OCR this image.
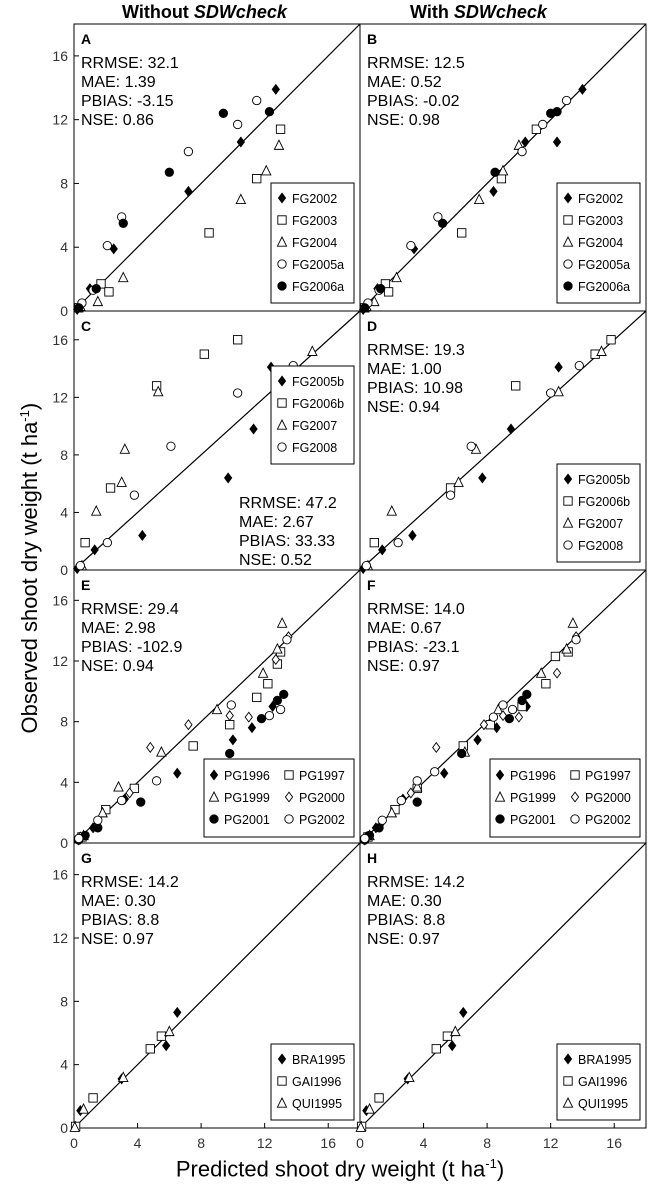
Without SDWcheck	With SDWcheck
Observed shoot dry weight (t $ha^{-1}$)
Predicted shoot dry weight (t $ha^{-1}$)
A
0
4
8
12
16 RRMSE: 32.1
MAE: 1.39
PBIAS: -3.15
NSE: 0.86
FG2002
FG2003
FG2004
FG2005a
FG2006a
B
RRMSE: 12.5
MAE: 0.52
PBIAS: -0.02
NSE: 0.98
FG2002
FG2003
FG2004
FG2005a
FG2006a
C
0
4
8
12
16
RRMSE: 47.2
MAE: 2.67
PBIAS: 33.33
NSE: 0.52
FG2005b
FG2006b
FG2007
FG2008
D
RRMSE: 19.3
MAE: 1.00
PBIAS: 10.98
NSE: 0.94
FG2005b
FG2006b
FG2007
FG2008
E
0
4
8
12
16
RRMSE: 29.4
MAE: 2.98
PBIAS: -102.9
NSE: 0.94
PG1996 PG1997
PG1999 PG2000
PG2001 PG2002
F
RRMSE: 14.0
MAE: 0.67
PBIAS: -23.1
NSE: 0.97
PG1996 PG1997
PG1999 PG2000
PG2001 PG2002
G
0
4
8
12
16
0	4	8	12	16
RRMSE: 14.2
MAE: 0.30
PBIAS: 8.8
NSE: 0.97
BRA1995
GAI1996
QUI1995
H
0	4	8	12	16
RRMSE: 14.2
MAE: 0.30
PBIAS: 8.8
NSE: 0.97
BRA1995
GAI1996
QUI1995
